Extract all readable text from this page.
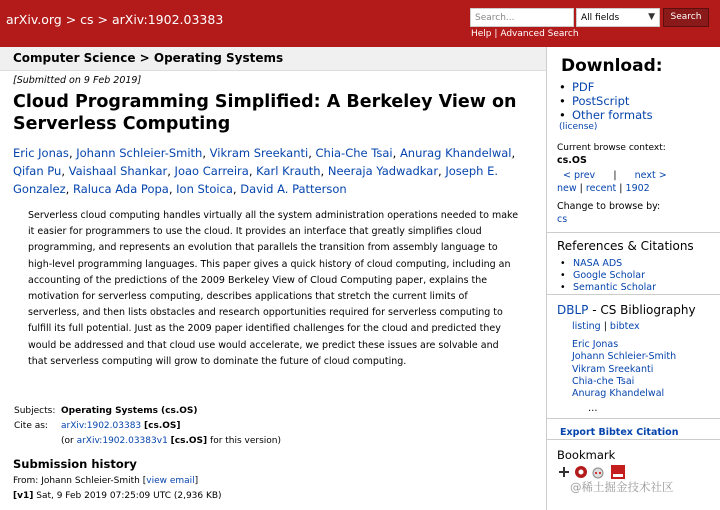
arXiv.org > cs > arXiv:1902.03383	Search...	All fields	▼	Search
Help | Advanced Search
Computer Science > Operating Systems
[Submitted on 9 Feb 2019]
Cloud Programming Simplified: A Berkeley View on Serverless Computing
Eric Jonas, Johann Schleier-Smith, Vikram Sreekanti, Chia-Che Tsai, Anurag Khandelwal, Qifan Pu, Vaishaal Shankar, Joao Carreira, Karl Krauth, Neeraja Yadwadkar, Joseph E. Gonzalez, Raluca Ada Popa, Ion Stoica, David A. Patterson
Serverless cloud computing handles virtually all the system administration operations needed to make it easier for programmers to use the cloud. It provides an interface that greatly simplifies cloud programming, and represents an evolution that parallels the transition from assembly language to high-level programming languages. This paper gives a quick history of cloud computing, including an accounting of the predictions of the 2009 Berkeley View of Cloud Computing paper, explains the motivation for serverless computing, describes applications that stretch the current limits of serverless, and then lists obstacles and research opportunities required for serverless computing to fulfill its full potential. Just as the 2009 paper identified challenges for the cloud and predicted they would be addressed and that cloud use would accelerate, we predict these issues are solvable and that serverless computing will grow to dominate the future of cloud computing.
Subjects: Operating Systems (cs.OS)
Cite as:	arXiv:1902.03383 [cs.OS]
(or arXiv:1902.03383v1 [cs.OS] for this version)
Submission history
From: Johann Schleier-Smith [view email]
[v1] Sat, 9 Feb 2019 07:25:09 UTC (2,936 KB)
Download:
• PDF
• PostScript
• Other formats
(license)
Current browse context:
cs.OS
< prev | next >
new | recent | 1902
Change to browse by:
cs
References & Citations
• NASA ADS
• Google Scholar
• Semantic Scholar
DBLP - CS Bibliography
listing | bibtex
Eric Jonas
Johann Schleier-Smith
Vikram Sreekanti
Chia-che Tsai
Anurag Khandelwal
…
Export Bibtex Citation
Bookmark
@稀土掘金技术社区
